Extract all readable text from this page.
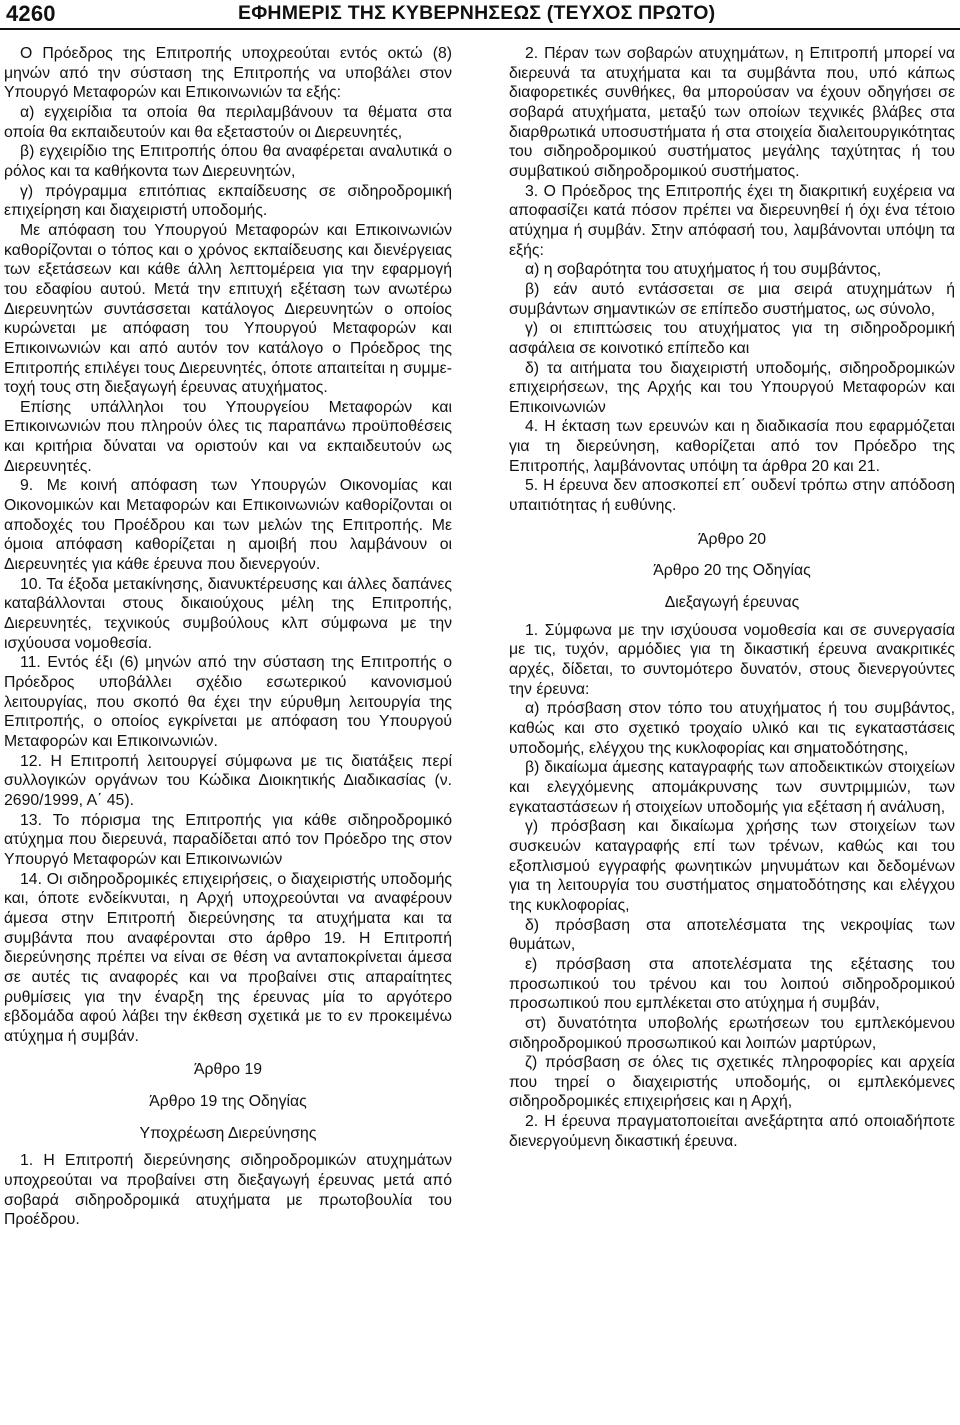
4260	ΕΦΗΜΕΡΙΣ ΤΗΣ ΚΥΒΕΡΝΗΣΕΩΣ (ΤΕΥΧΟΣ ΠΡΩΤΟ)

Ο Πρόεδρος της Επιτροπής υποχρεούται εντός οκτώ (8) μηνών από την σύσταση της Επιτροπής να υποβάλει στον Υπουργό Μεταφορών και Επικοινωνιών τα εξής:

α) εγχειρίδια τα οποία θα περιλαμβάνουν τα θέματα στα οποία θα εκπαιδευτούν και θα εξεταστούν οι Διερευνητές,

β) εγχειρίδιο της Επιτροπής όπου θα αναφέρεται αναλυτικά ο ρόλος και τα καθήκοντα των Διερευνητών,

γ) πρόγραμμα επιτόπιας εκπαίδευσης σε σιδηροδρομική επιχείρηση και διαχειριστή υποδομής.

Με απόφαση του Υπουργού Μεταφορών και Επικοινωνιών καθορίζονται ο τόπος και ο χρόνος εκπαίδευσης και διενέργειας των εξετάσεων και κάθε άλλη λεπτομέρεια για την εφαρμογή του εδαφίου αυτού. Μετά την επιτυχή εξέταση των ανωτέρω Διερευνητών συντάσσεται κατάλογος Διερευνητών ο οποίος κυρώνεται με απόφαση του Υπουργού Μεταφορών και Επικοινωνιών και από αυτόν τον κατάλογο ο Πρόεδρος της Επιτροπής επιλέγει τους Διερευνητές, όποτε απαιτείται η συμμετοχή τους στη διεξαγωγή έρευνας ατυχήματος.

Επίσης υπάλληλοι του Υπουργείου Μεταφορών και Επικοινωνιών που πληρούν όλες τις παραπάνω προϋποθέσεις και κριτήρια δύναται να οριστούν και να εκπαιδευτούν ως Διερευνητές.

9. Με κοινή απόφαση των Υπουργών Οικονομίας και Οικονομικών και Μεταφορών και Επικοινωνιών καθορίζονται οι αποδοχές του Προέδρου και των μελών της Επιτροπής. Με όμοια απόφαση καθορίζεται η αμοιβή που λαμβάνουν οι Διερευνητές για κάθε έρευνα που διενεργούν.

10. Τα έξοδα μετακίνησης, διανυκτέρευσης και άλλες δαπάνες καταβάλλονται στους δικαιούχους μέλη της Επιτροπής, Διερευνητές, τεχνικούς συμβούλους κλπ σύμφωνα με την ισχύουσα νομοθεσία.

11. Εντός έξι (6) μηνών από την σύσταση της Επιτροπής ο Πρόεδρος υποβάλλει σχέδιο εσωτερικού κανονισμού λειτουργίας, που σκοπό θα έχει την εύρυθμη λειτουργία της Επιτροπής, ο οποίος εγκρίνεται με απόφαση του Υπουργού Μεταφορών και Επικοινωνιών.

12. Η Επιτροπή λειτουργεί σύμφωνα με τις διατάξεις περί συλλογικών οργάνων του Κώδικα Διοικητικής Διαδικασίας (ν. 2690/1999, Α΄ 45).

13. Το πόρισμα της Επιτροπής για κάθε σιδηροδρομικό ατύχημα που διερευνά, παραδίδεται από τον Πρόεδρο της στον Υπουργό Μεταφορών και Επικοινωνιών

14. Οι σιδηροδρομικές επιχειρήσεις, ο διαχειριστής υποδομής και, όποτε ενδείκνυται, η Αρχή υποχρεούνται να αναφέρουν άμεσα στην Επιτροπή διερεύνησης τα ατυχήματα και τα συμβάντα που αναφέρονται στο άρθρο 19. Η Επιτροπή διερεύνησης πρέπει να είναι σε θέση να ανταποκρίνεται άμεσα σε αυτές τις αναφορές και να προβαίνει στις απαραίτητες ρυθμίσεις για την έναρξη της έρευνας μία το αργότερο εβδομάδα αφού λάβει την έκθεση σχετικά με το εν προκειμένω ατύχημα ή συμβάν.

Άρθρο 19

Άρθρο 19 της Οδηγίας

Υποχρέωση Διερεύνησης

1. Η Επιτροπή διερεύνησης σιδηροδρομικών ατυχημάτων υποχρεούται να προβαίνει στη διεξαγωγή έρευνας μετά από σοβαρά σιδηροδρομικά ατυχήματα με πρωτοβουλία του Προέδρου.

2. Πέραν των σοβαρών ατυχημάτων, η Επιτροπή μπορεί να διερευνά τα ατυχήματα και τα συμβάντα που, υπό κάπως διαφορετικές συνθήκες, θα μπορούσαν να έχουν οδηγήσει σε σοβαρά ατυχήματα, μεταξύ των οποίων τεχνικές βλάβες στα διαρθρωτικά υποσυστήματα ή στα στοιχεία διαλειτουργικότητας του σιδηροδρομικού συστήματος μεγάλης ταχύτητας ή του συμβατικού σιδηροδρομικού συστήματος.

3. Ο Πρόεδρος της Επιτροπής έχει τη διακριτική ευχέρεια να αποφασίζει κατά πόσον πρέπει να διερευνηθεί ή όχι ένα τέτοιο ατύχημα ή συμβάν. Στην απόφασή του, λαμβάνονται υπόψη τα εξής:

α) η σοβαρότητα του ατυχήματος ή του συμβάντος,

β) εάν αυτό εντάσσεται σε μια σειρά ατυχημάτων ή συμβάντων σημαντικών σε επίπεδο συστήματος, ως σύνολο,

γ) οι επιπτώσεις του ατυχήματος για τη σιδηροδρομική ασφάλεια σε κοινοτικό επίπεδο και

δ) τα αιτήματα του διαχειριστή υποδομής, σιδηροδρομικών επιχειρήσεων, της Αρχής και του Υπουργού Μεταφορών και Επικοινωνιών

4. Η έκταση των ερευνών και η διαδικασία που εφαρμόζεται για τη διερεύνηση, καθορίζεται από τον Πρόεδρο της Επιτροπής, λαμβάνοντας υπόψη τα άρθρα 20 και 21.

5. Η έρευνα δεν αποσκοπεί επ΄ ουδενί τρόπω στην απόδοση υπαιτιότητας ή ευθύνης.

Άρθρο 20

Άρθρο 20 της Οδηγίας

Διεξαγωγή έρευνας

1. Σύμφωνα με την ισχύουσα νομοθεσία και σε συνεργασία με τις, τυχόν, αρμόδιες για τη δικαστική έρευνα ανακριτικές αρχές, δίδεται, το συντομότερο δυνατόν, στους διενεργούντες την έρευνα:

α) πρόσβαση στον τόπο του ατυχήματος ή του συμβάντος, καθώς και στο σχετικό τροχαίο υλικό και τις εγκαταστάσεις υποδομής, ελέγχου της κυκλοφορίας και σηματοδότησης,

β) δικαίωμα άμεσης καταγραφής των αποδεικτικών στοιχείων και ελεγχόμενης απομάκρυνσης των συντριμμιών, των εγκαταστάσεων ή στοιχείων υποδομής για εξέταση ή ανάλυση,

γ) πρόσβαση και δικαίωμα χρήσης των στοιχείων των συσκευών καταγραφής επί των τρένων, καθώς και του εξοπλισμού εγγραφής φωνητικών μηνυμάτων και δεδομένων για τη λειτουργία του συστήματος σηματοδότησης και ελέγχου της κυκλοφορίας,

δ) πρόσβαση στα αποτελέσματα της νεκροψίας των θυμάτων,

ε) πρόσβαση στα αποτελέσματα της εξέτασης του προσωπικού του τρένου και του λοιπού σιδηροδρομικού προσωπικού που εμπλέκεται στο ατύχημα ή συμβάν,

στ) δυνατότητα υποβολής ερωτήσεων του εμπλεκόμενου σιδηροδρομικού προσωπικού και λοιπών μαρτύρων,

ζ) πρόσβαση σε όλες τις σχετικές πληροφορίες και αρχεία που τηρεί ο διαχειριστής υποδομής, οι εμπλεκόμενες σιδηροδρομικές επιχειρήσεις και η Αρχή,

2. Η έρευνα πραγματοποιείται ανεξάρτητα από οποιαδήποτε διενεργούμενη δικαστική έρευνα.
